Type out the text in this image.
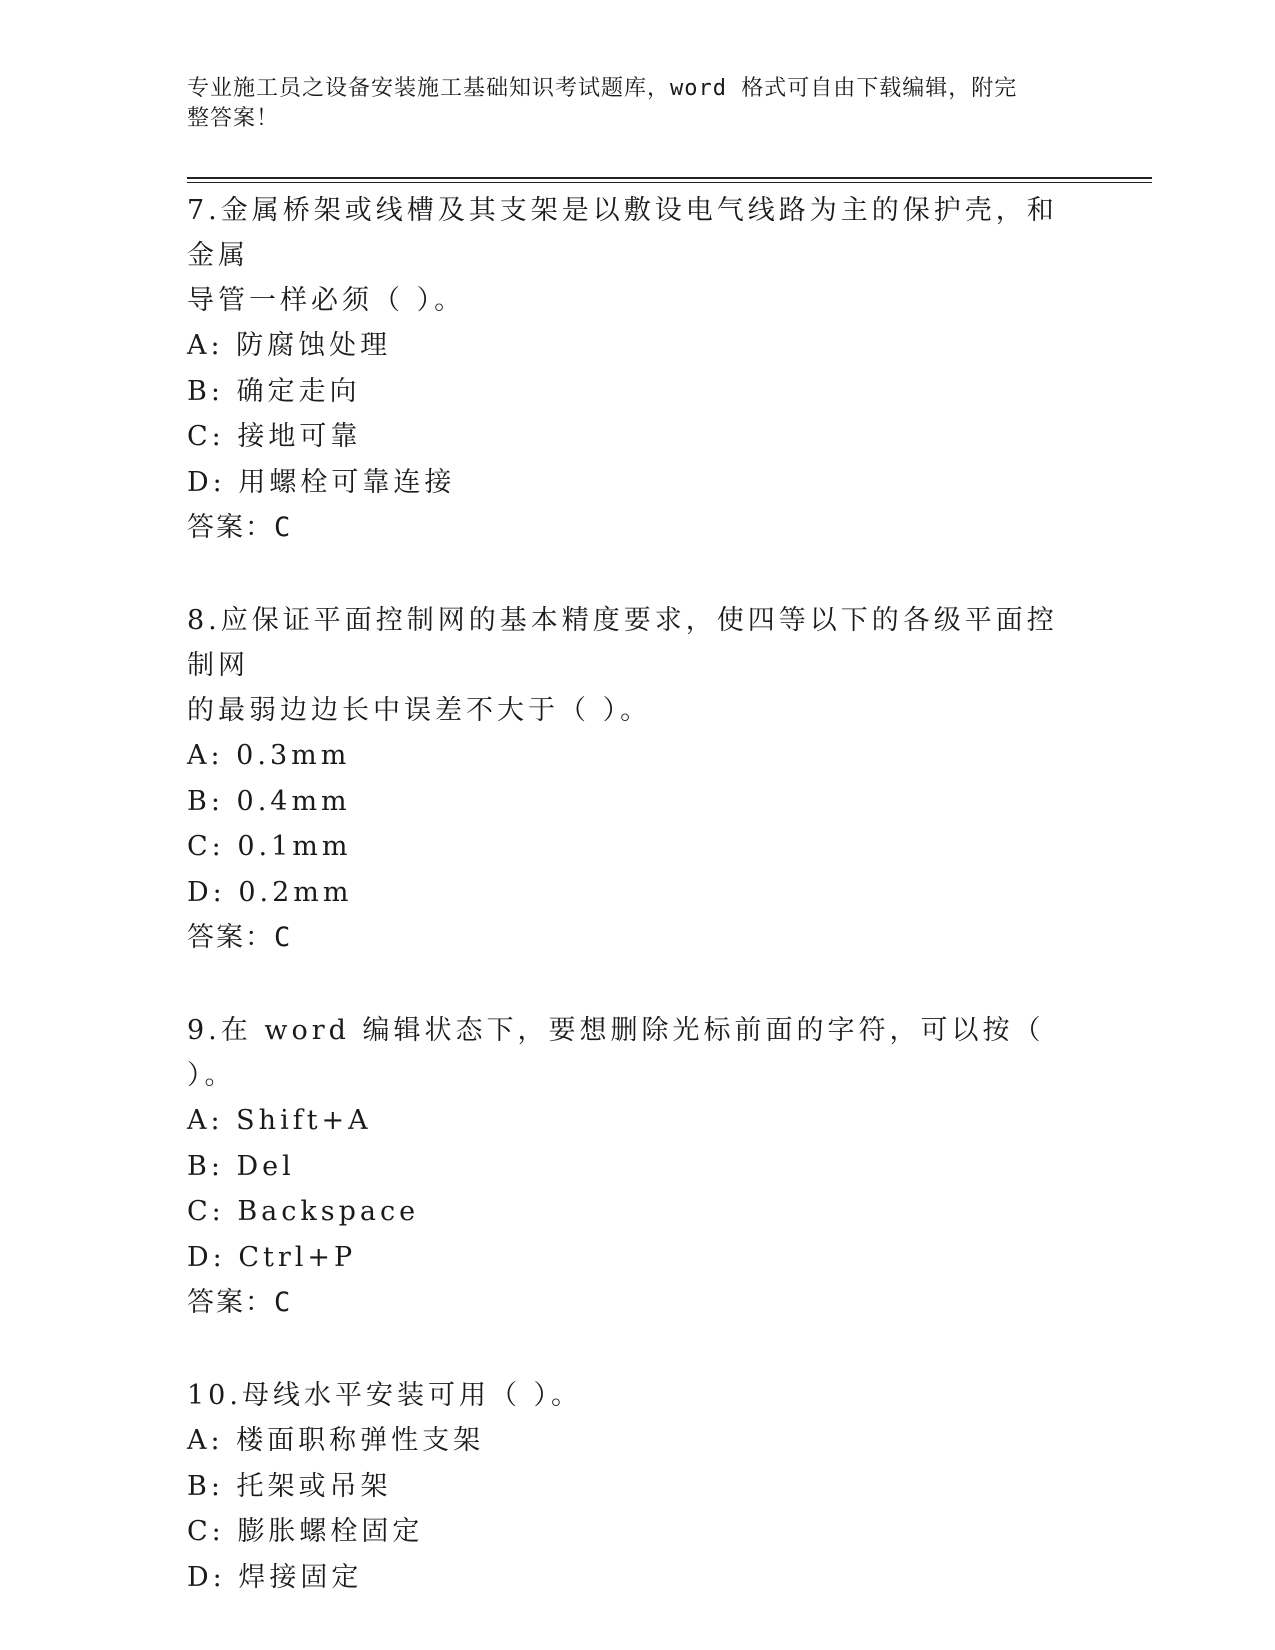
专业施工员之设备安装施工基础知识考试题库，word 格式可自由下载编辑，附完
整答案！

7.金属桥架或线槽及其支架是以敷设电气线路为主的保护壳，和金属
导管一样必须（ ）。

A: 防腐蚀处理

B: 确定走向

C: 接地可靠

D: 用螺栓可靠连接

答案：C

8.应保证平面控制网的基本精度要求，使四等以下的各级平面控制网
的最弱边边长中误差不大于（ ）。

A: 0.3mm

B: 0.4mm

C: 0.1mm

D: 0.2mm

答案：C

9.在 word 编辑状态下，要想删除光标前面的字符，可以按（ ）。

A: Shift+A

B: Del

C: Backspace

D: Ctrl+P

答案：C

10.母线水平安装可用（ ）。

A: 楼面职称弹性支架

B: 托架或吊架

C: 膨胀螺栓固定

D: 焊接固定
